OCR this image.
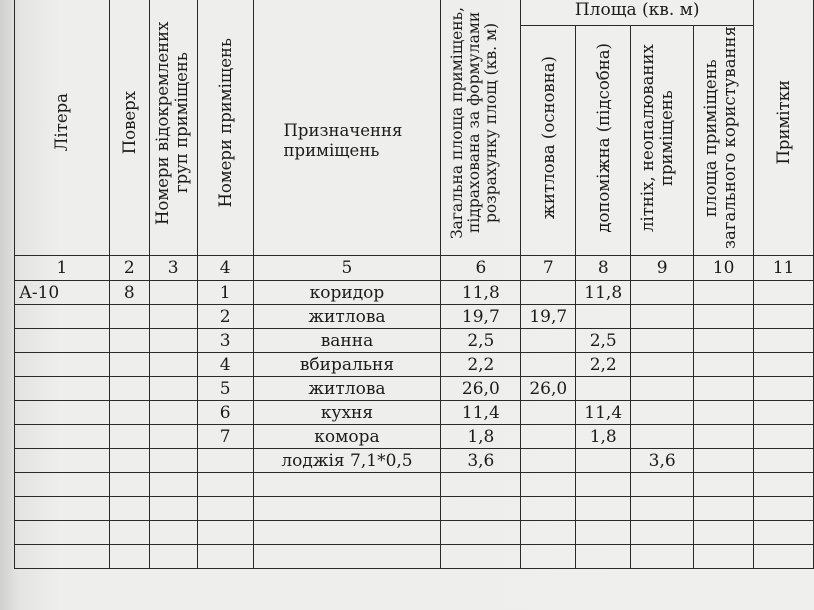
Літера	Поверх	Номери відокремлених груп приміщень	Номери приміщень	Призначення приміщень	Загальна площа приміщень, підрахована за формулами розрахунку площ (кв. м)	Площа (кв. м)				Примітки
						житлова (основна)	допоміжна (підсобна)	літніх, неопалюваних приміщень	площа приміщень загального користування	
1	2	3	4	5	6	7	8	9	10	11
А-10	8		1	коридор	11,8		11,8			
			2	житлова	19,7	19,7				
			3	ванна	2,5		2,5			
			4	вбиральня	2,2		2,2			
			5	житлова	26,0	26,0				
			6	кухня	11,4		11,4			
			7	комора	1,8		1,8			
				лоджія 7,1*0,5	3,6			3,6		
